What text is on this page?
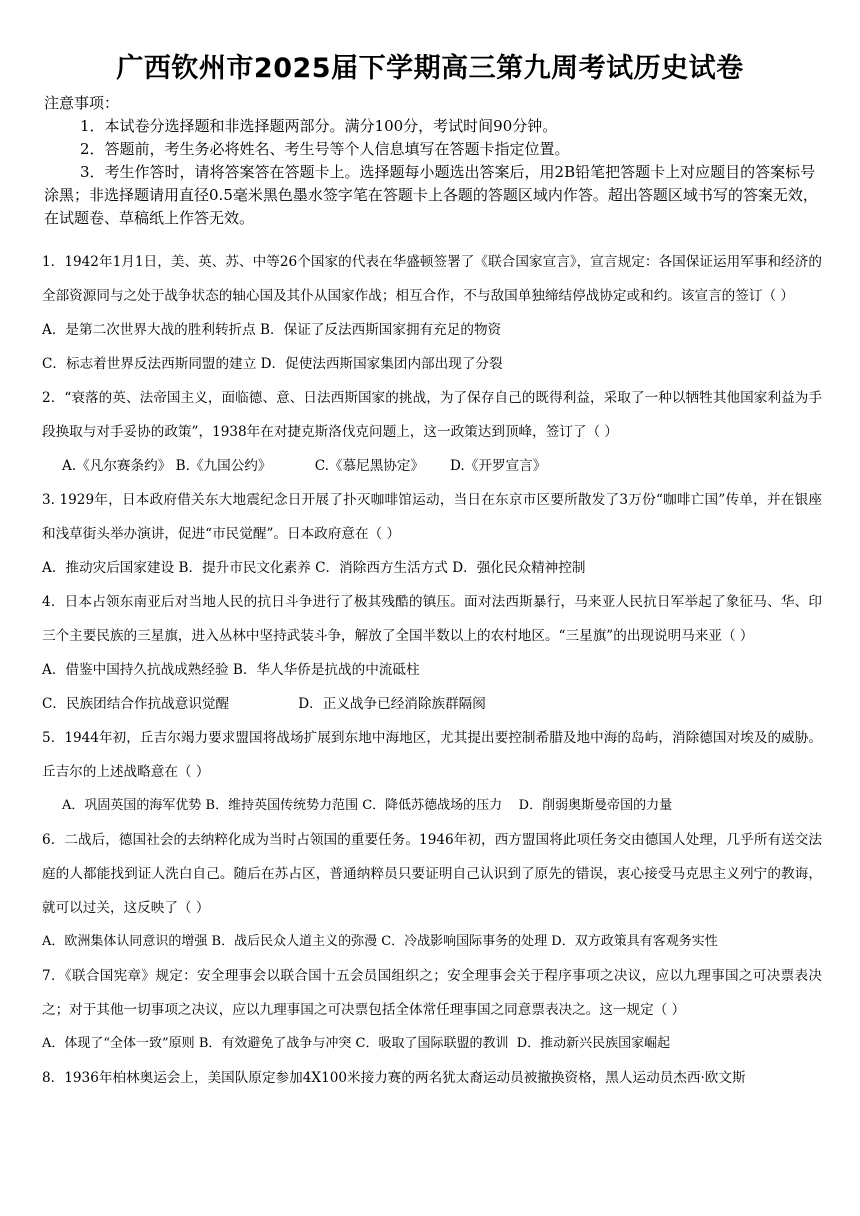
广西钦州市2025届下学期高三第九周考试历史试卷

注意事项：

1．本试卷分选择题和非选择题两部分。满分100分，考试时间90分钟。

2．答题前，考生务必将姓名、考生号等个人信息填写在答题卡指定位置。

3．考生作答时，请将答案答在答题卡上。选择题每小题选出答案后，用2B铅笔把答题卡上对应题目的答案标号涂黑；非选择题请用直径0.5毫米黑色墨水签字笔在答题卡上各题的答题区域内作答。超出答题区域书写的答案无效，在试题卷、草稿纸上作答无效。

1．1942年1月1日，美、英、苏、中等26个国家的代表在华盛顿签署了《联合国家宣言》，宣言规定：各国保证运用军事和经济的全部资源同与之处于战争状态的轴心国及其仆从国家作战；相互合作，不与敌国单独缔结停战协定或和约。该宣言的签订（ ）

A．是第二次世界大战的胜利转折点 B．保证了反法西斯国家拥有充足的物资

C．标志着世界反法西斯同盟的建立 D．促使法西斯国家集团内部出现了分裂

2．“衰落的英、法帝国主义，面临德、意、日法西斯国家的挑战，为了保存自己的既得利益，采取了一种以牺牲其他国家利益为手段换取与对手妥协的政策”，1938年在对捷克斯洛伐克问题上，这一政策达到顶峰，签订了（ ）

A.《凡尔赛条约》 B.《九国公约》          C.《慕尼黑协定》      D.《开罗宣言》

3. 1929年，日本政府借关东大地震纪念日开展了扑灭咖啡馆运动，当日在东京市区要所散发了3万份“咖啡亡国”传单，并在银座和浅草街头举办演讲，促进“市民觉醒”。日本政府意在（ ）

A．推动灾后国家建设 B．提升市民文化素养 C．消除西方生活方式 D．强化民众精神控制

4．日本占领东南亚后对当地人民的抗日斗争进行了极其残酷的镇压。面对法西斯暴行，马来亚人民抗日军举起了象征马、华、印三个主要民族的三星旗，进入丛林中坚持武装斗争，解放了全国半数以上的农村地区。“三星旗”的出现说明马来亚（ ）

A．借鉴中国持久抗战成熟经验 B．华人华侨是抗战的中流砥柱

C．民族团结合作抗战意识觉醒                D．正义战争已经消除族群隔阂

5．1944年初，丘吉尔竭力要求盟国将战场扩展到东地中海地区，尤其提出要控制希腊及地中海的岛屿，消除德国对埃及的威胁。丘吉尔的上述战略意在（ ）

A．巩固英国的海军优势 B．维持英国传统势力范围 C．降低苏德战场的压力    D．削弱奥斯曼帝国的力量

6．二战后，德国社会的去纳粹化成为当时占领国的重要任务。1946年初，西方盟国将此项任务交由德国人处理，几乎所有送交法庭的人都能找到证人洗白自己。随后在苏占区，普通纳粹员只要证明自己认识到了原先的错误，衷心接受马克思主义列宁的教诲，就可以过关，这反映了（ ）

A．欧洲集体认同意识的增强 B．战后民众人道主义的弥漫 C．冷战影响国际事务的处理 D．双方政策具有客观务实性

7．《联合国宪章》规定：安全理事会以联合国十五会员国组织之；安全理事会关于程序事项之决议，应以九理事国之可决票表决之；对于其他一切事项之决议，应以九理事国之可决票包括全体常任理事国之同意票表决之。这一规定（ ）

A．体现了“全体一致”原则 B．有效避免了战争与冲突 C．吸取了国际联盟的教训  D．推动新兴民族国家崛起

8．1936年柏林奥运会上，美国队原定参加4X100米接力赛的两名犹太裔运动员被撤换资格，黑人运动员杰西·欧文斯
